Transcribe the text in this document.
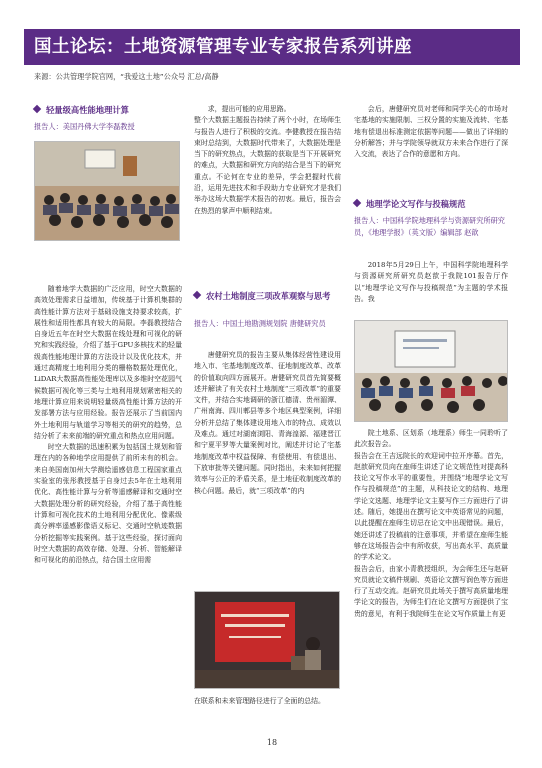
国土论坛：土地资源管理专业专家报告系列讲座
来源：公共管理学院官网，“我爱这土地”公众号 汇总/高静
轻量级高性能地理计算
报告人：美国丹佛大学李磊教授

随着地学大数据的广泛应用，时空大数据的高效处理需求日益增加，传统基于计算机集群的高性能计算方法对于基础设施支持要求较高，扩展性和适用性都具有较大的局限。李磊教授结合自身近五年在时空大数据在线处理和可视化的研究和实践经验，介绍了基于GPU多核技术的轻量级高性能地理计算的方法设计以及优化技术，并通过高精度土地利用分类的栅格数据处理优化，LiDAR大数据高性能处理库以及多维时空花园气候数据可视化等三类与土地利用规划紧密相关的地理计算应用来说明轻量级高性能计算方法的开发部署方法与应用经验。报告还展示了当前国内外土地利用与轨道学习等相关的研究的趋势，总结分析了未来前端的研究重点和热点应用问题。

时空大数据的迅速积累为包括国土规划和管理在内的各种地学应用提供了前所未有的机会。来自美国南加州大学测绘遥感信息工程国家重点实验室的张彤教授基于自身过去5年在土地利用优化、高性能计算与分析等遥感解译和交通时空大数据处理分析的研究经验，介绍了基于高性能计算和可视化技术的土地利用分配优化、像素级高分辨率遥感影像语义标记、交通时空轨迹数据分析挖掘等实践案例。基于这些经验，探讨面向时空大数据的高效存储、处理、分析、智能解译和可视化的前沿热点，结合国土应用需

求，提出可能的应用思路。
整个大数据主题报告持续了两个小时，在场师生与报告人进行了积极的交流。李健教授在报告结束时总结到，大数据时代带来了，大数据处理是当下的研究热点，大数据的获取是当下开展研究的难点，大数据和研究方向的结合是当下的研究重点。不论何在专业的差异，学会把握时代前沿，运用先进技术和手段助力专业研究才是我们举办这场大数据学术报告的初衷。最后，报告会在热烈的掌声中顺利结束。

农村土地制度三项改革观察与思考
报告人：中国土地勘测规划院 唐健研究员

唐健研究员的报告主要从集体经营性建设用地入市、宅基地制度改革、征地制度改革、改革的价值取向四方面展开。唐健研究员首先简要概述并解读了有关农村土地制度“三项改革”的重要文件，并结合实地调研的浙江德清、贵州湄潭、广州南海、四川郫县等多个地区典型案例，详细分析并总结了集体建设用地入市的特点、成效以及难点。通过对湖南浏阳、青海湟源、福建晋江和宁夏平罗等大量案例对比，阐述并讨论了宅基地制度改革中权益保障、有偿使用、有偿退出、下放审批等关键问题。同时指出，未来如何把握效率与公正的矛盾关系，是土地征收制度改革的核心问题。最后，就“三项改革”的内

在联系和未来管理路径进行了全面的总结。

会后，唐健研究员对老师和同学关心的市场对宅基地的实施限制、三权分置的实施及流转、宅基地有偿退出标准测定依据等问题——做出了详细的分析解答；并与学院领导就双方未来合作进行了深入交流，表达了合作的意愿和方向。

地理学论文写作与投稿规范
报告人：中国科学院地理科学与资源研究所研究员，《地理学报》（英文版）编辑部 赵歆

2018年5月29日上午，中国科学院地理科学与资源研究所研究员赵歆于我院101报告厅作以“地理学论文写作与投稿规范”为主题的学术报告。我

院土地系、区划系（地理系）师生一同聆听了此次报告会。
报告会在王吉远院长的欢迎词中拉开序幕。首先，赵歆研究员向在座师生讲述了论文规范性对提高科技论文写作水平的重要性，并围绕“地理学论文写作与投稿规范”的主题，从科技论文的结构、地理学论文选题、地理学论文主要写作三方面进行了讲述。随后，她提出在撰写论文中英语常见的问题，以此提醒在座师生切忌在论文中出现错误。最后，她还讲述了投稿前的注意事项，并希望在座师生能够在这场报告会中有所收获，写出高水平、高质量的学术论文。
报告会后，由家小青教授组织，为会师生还与赵研究员就论文稿件规刷、英语论文撰写润色等方面进行了互动交流。赵研究员此场关于撰写高质量地理学论文的报告，为师生们在论文撰写方面提供了宝贵的意见，有利于我院师生在论文写作质量上有更

18
